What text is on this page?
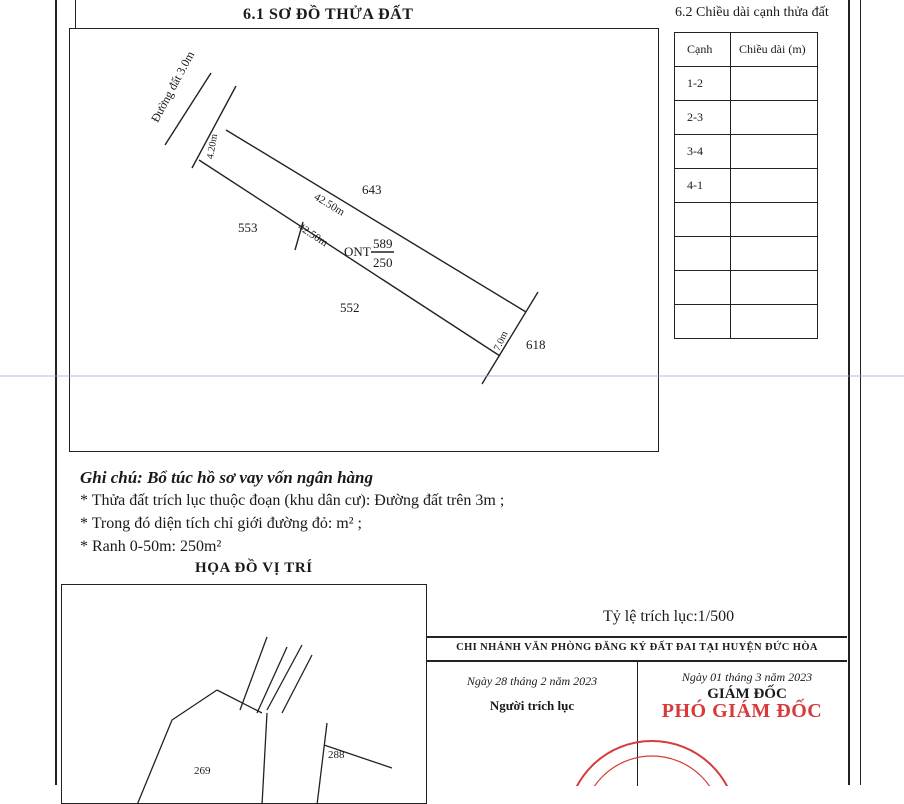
6.1 SƠ ĐỒ THỬA ĐẤT	6.2 Chiều dài cạnh thửa đất
Đường đất 3.0m
4.20m
42.50m
42.50m
7.0m
643
553
552
618
ONT
589
250
Cạnh	Chiều dài (m)
1-2	
2-3	
3-4	
4-1	

Ghi chú: Bổ túc hồ sơ vay vốn ngân hàng
* Thửa đất trích lục thuộc đoạn (khu dân cư): Đường đất trên 3m ;
* Trong đó diện tích chỉ giới đường đỏ: m² ;
* Ranh 0-50m: 250m²
HỌA ĐỒ VỊ TRÍ
269
288
Tỷ lệ trích lục:1/500
CHI NHÁNH VĂN PHÒNG ĐĂNG KÝ ĐẤT ĐAI TẠI HUYỆN ĐỨC HÒA
Ngày 28 tháng 2 năm 2023
Người trích lục
Ngày 01 tháng 3 năm 2023
GIÁM ĐỐC
PHÓ GIÁM ĐỐC
